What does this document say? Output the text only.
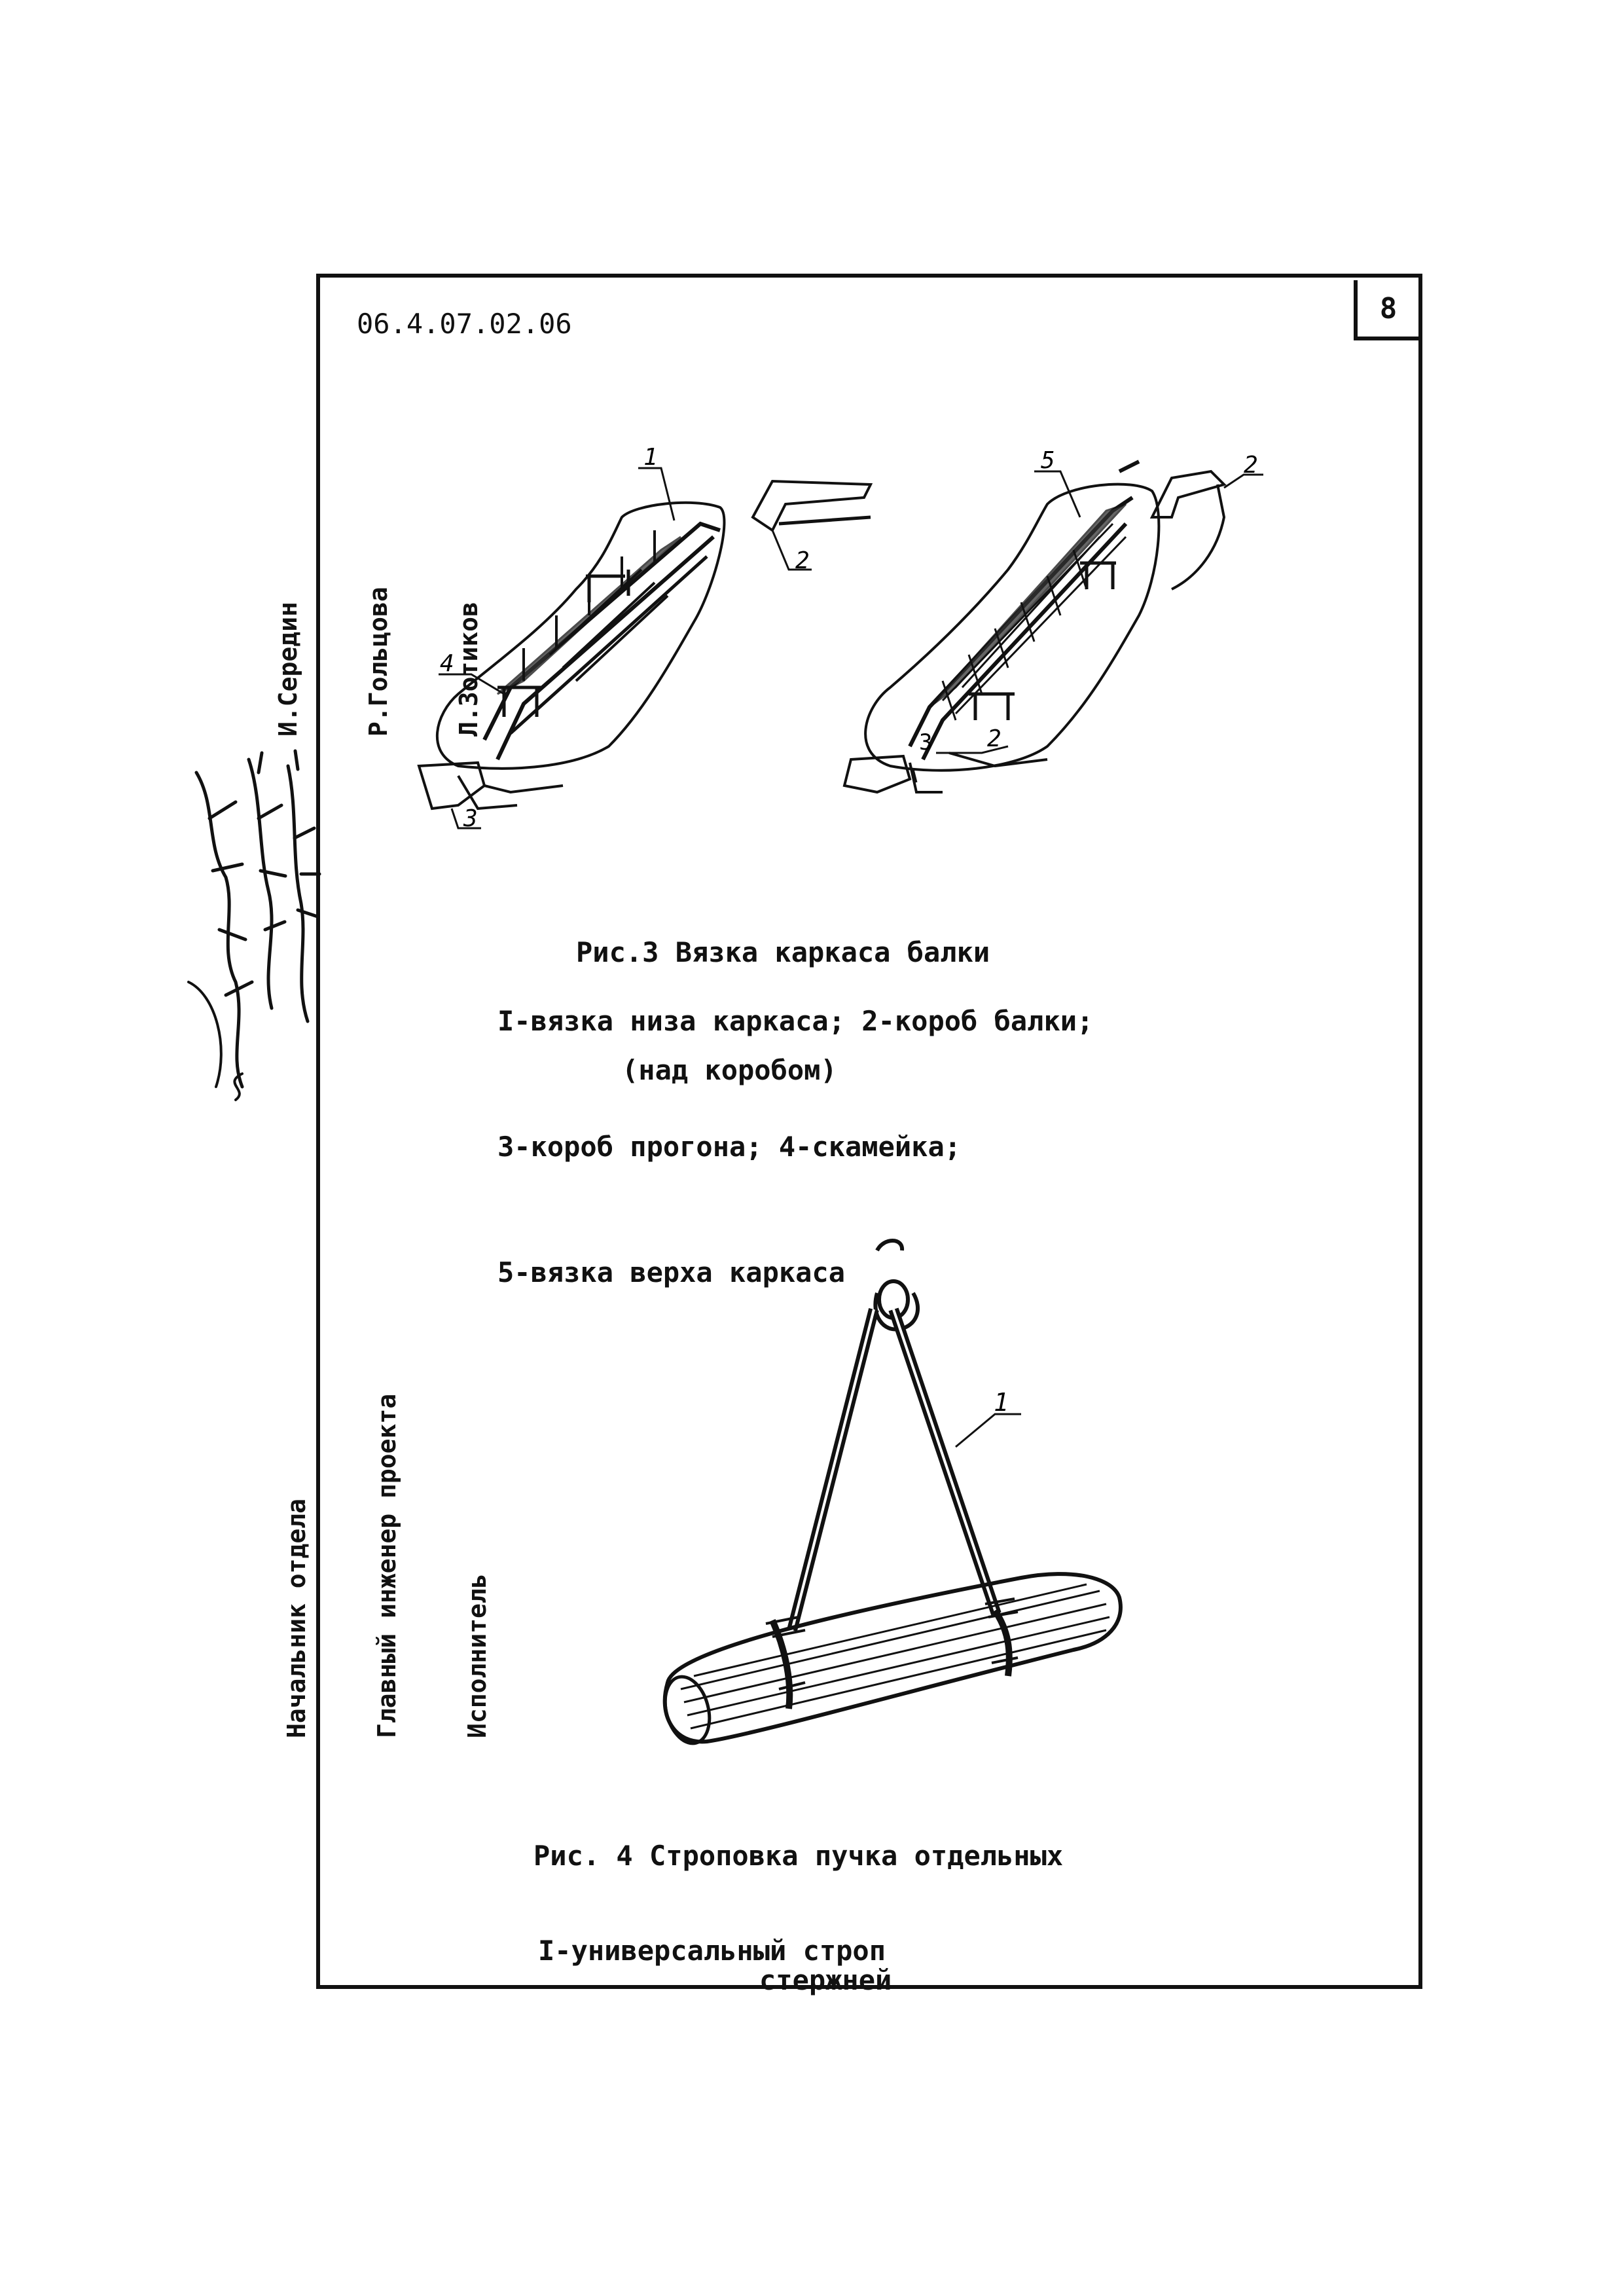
8
06.4.07.02.06

И.Середин

Р.Гольцова

Л.Зотиков

Начальник отдела

Главный инженер проекта

Исполнитель

1
2
4
3
5	2
2
3
1

Рис.3 Вязка каркаса балки

(над коробом)

I-вязка низа каркаса; 2-короб балки;

3-короб прогона; 4-скамейка;

5-вязка верха каркаса

Рис. 4 Строповка пучка отдельных

стержней

I-универсальный строп
